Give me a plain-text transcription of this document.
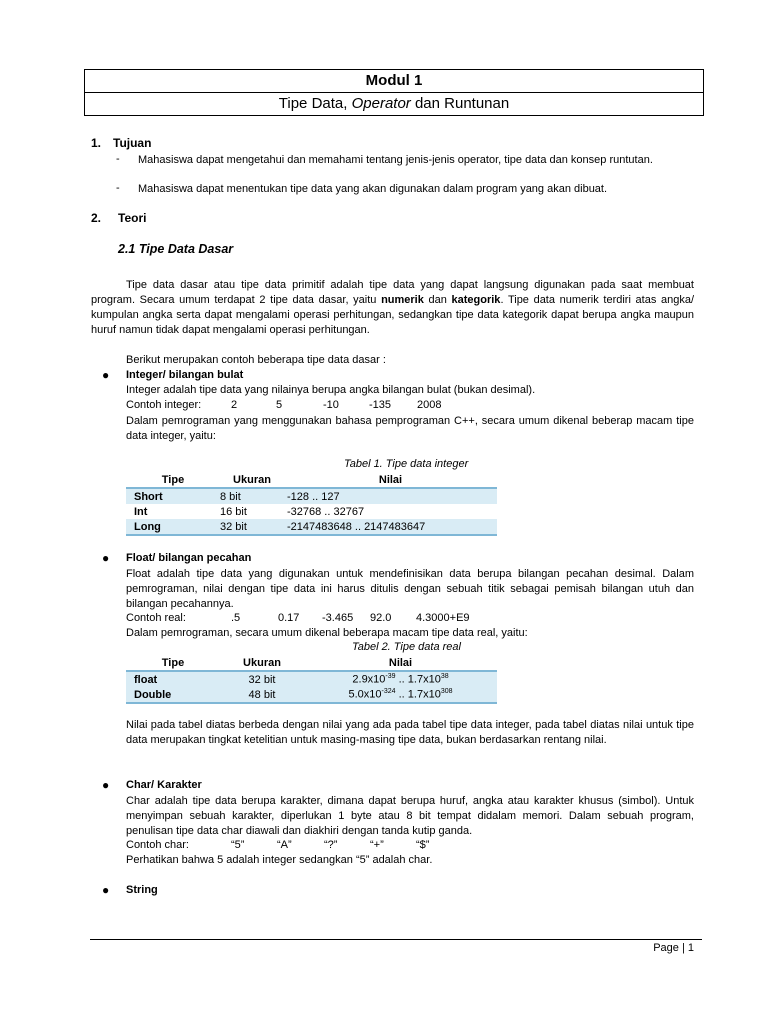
Modul 1
Tipe Data, Operator dan Runtunan
1. Tujuan
- Mahasiswa dapat mengetahui dan memahami tentang jenis-jenis operator, tipe data dan konsep runtutan.
- Mahasiswa dapat menentukan tipe data yang akan digunakan dalam program yang akan dibuat.
2. Teori
2.1 Tipe Data Dasar
Tipe data dasar atau tipe data primitif adalah tipe data yang dapat langsung digunakan pada saat membuat program. Secara umum terdapat 2 tipe data dasar, yaitu numerik dan kategorik. Tipe data numerik terdiri atas angka/ kumpulan angka serta dapat mengalami operasi perhitungan, sedangkan tipe data kategorik dapat berupa angka maupun huruf namun tidak dapat mengalami operasi perhitungan.
Berikut merupakan contoh beberapa tipe data dasar :
● Integer/ bilangan bulat
Integer adalah tipe data yang nilainya berupa angka bilangan bulat (bukan desimal).
Contoh integer:	2	5	-10	-135 2008
Dalam pemrograman yang menggunakan bahasa pemprograman C++, secara umum dikenal beberap macam tipe data integer, yaitu:
Tabel 1. Tipe data integer
Tipe	Ukuran	Nilai
Short	8 bit	-128 .. 127
Int	16 bit	-32768 .. 32767
Long	32 bit	-2147483648 .. 2147483647
● Float/ bilangan pecahan
Float adalah tipe data yang digunakan untuk mendefinisikan data berupa bilangan pecahan desimal. Dalam pemrograman, nilai dengan tipe data ini harus ditulis dengan sebuah titik sebagai pemisah bilangan utuh dan bilangan pecahannya.
Contoh real:	.5	0.17 -3.465 92.0 4.3000+E9
Dalam pemrograman, secara umum dikenal beberapa macam tipe data real, yaitu:
Tabel 2. Tipe data real
Tipe	Ukuran	Nilai
float	32 bit	$2.9x10^{-39}$ .. $1.7x10^{38}$
Double	48 bit	$5.0x10^{-324}$ .. $1.7x10^{308}$
Nilai pada tabel diatas berbeda dengan nilai yang ada pada tabel tipe data integer, pada tabel diatas nilai untuk tipe data merupakan tingkat ketelitian untuk masing-masing tipe data, bukan berdasarkan rentang nilai.
● Char/ Karakter
Char adalah tipe data berupa karakter, dimana dapat berupa huruf, angka atau karakter khusus (simbol). Untuk menyimpan sebuah karakter, diperlukan 1 byte atau 8 bit tempat didalam memori. Dalam sebuah program, penulisan tipe data char diawali dan diakhiri dengan tanda kutip ganda.
Contoh char:	“5”	“A”	“?”	“+”	“$”
Perhatikan bahwa 5 adalah integer sedangkan “5” adalah char.
● String
Page | 1
